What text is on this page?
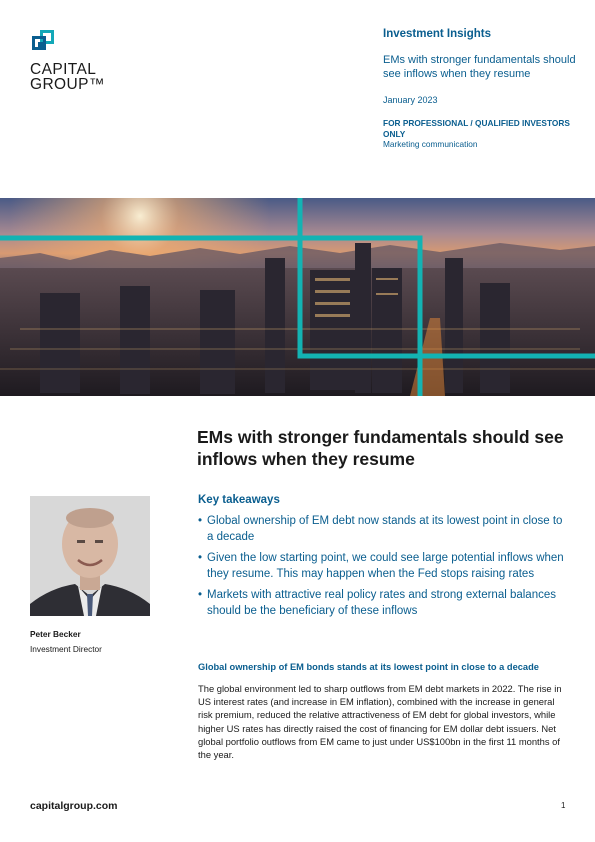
CAPITAL
GROUP™
Investment Insights
EMs with stronger fundamentals should see inflows when they resume
January 2023
FOR PROFESSIONAL / QUALIFIED INVESTORS ONLY
Marketing communication
EMs with stronger fundamentals should see inflows when they resume
Peter Becker
Investment Director
Key takeaways
• Global ownership of EM debt now stands at its lowest point in close to a decade
• Given the low starting point, we could see large potential inflows when they resume. This may happen when the Fed stops raising rates
• Markets with attractive real policy rates and strong external balances should be the beneficiary of these inflows
Global ownership of EM bonds stands at its lowest point in close to a decade

The global environment led to sharp outflows from EM debt markets in 2022. The rise in US interest rates (and increase in EM inflation), combined with the increase in general risk premium, reduced the relative attractiveness of EM debt for global investors, while higher US rates has directly raised the cost of financing for EM dollar debt issuers. Net global portfolio outflows from EM came to just under US$100bn in the first 11 months of the year.

capitalgroup.com	1
